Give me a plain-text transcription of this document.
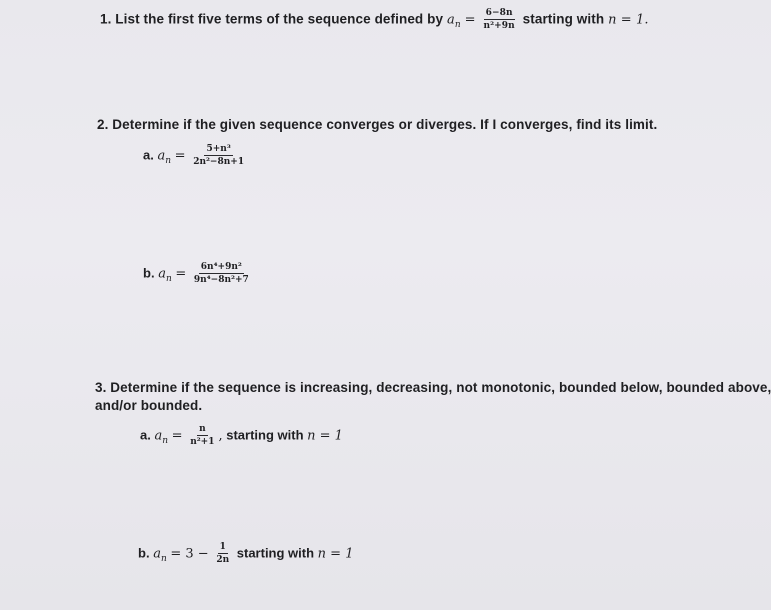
1. List the first five terms of the sequence defined by $a_n = \frac{6-8n}{\text{n²+9n}}$ starting with n = 1.
2. Determine if the given sequence converges or diverges. If I converges, find its limit.
a. $a_n = \frac{\text{5+n³}}{\text{2n²−8n+1}}$
b. $a_n = \frac{\text{6n⁴+9n²}}{\text{9n⁴−8n²+7}}$
3. Determine if the sequence is increasing, decreasing, not monotonic, bounded below, bounded above,
and/or bounded.
a. $a_n = \frac{n}{\text{n²+1}}$ , starting with n = 1
b. $a_n = 3 - \frac{1}{2n}$ starting with n = 1
